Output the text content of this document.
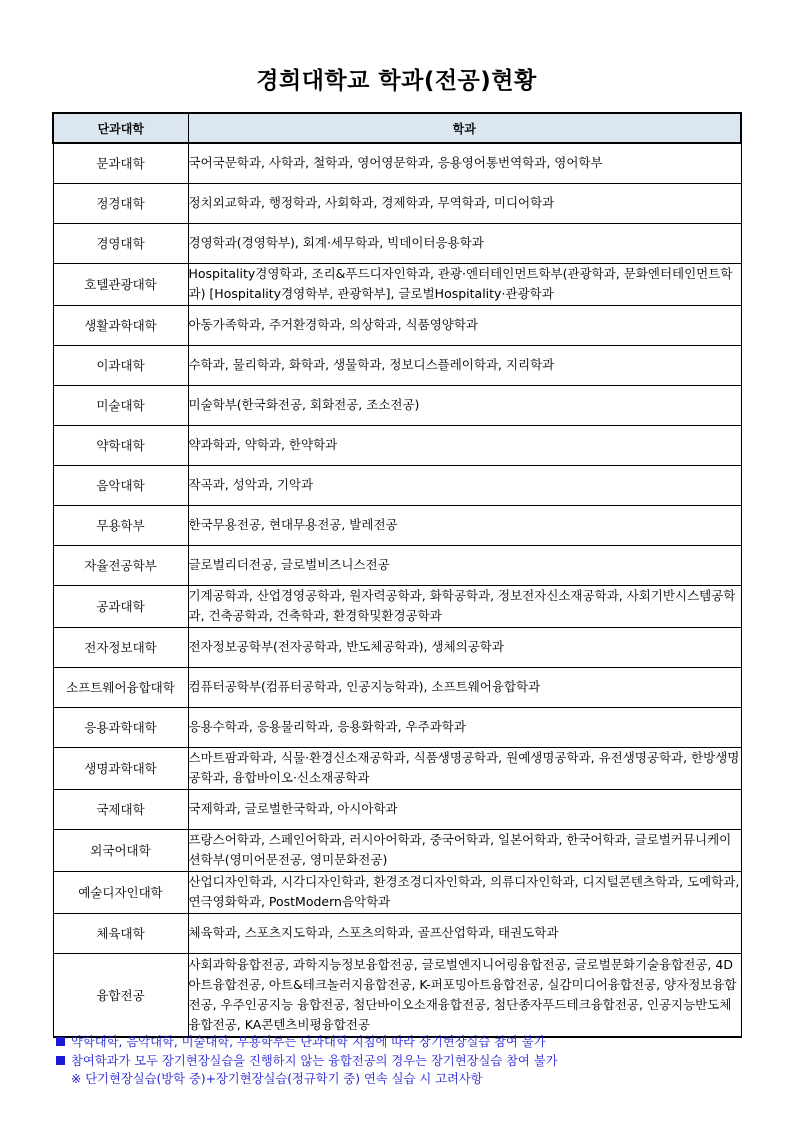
경희대학교 학과(전공)현황
단과대학	학과
문과대학	국어국문학과, 사학과, 철학과, 영어영문학과, 응용영어통번역학과, 영어학부
정경대학	정치외교학과, 행정학과, 사회학과, 경제학과, 무역학과, 미디어학과
경영대학	경영학과(경영학부), 회계·세무학과, 빅데이터응용학과
호텔관광대학	Hospitality경영학과, 조리&푸드디자인학과, 관광·엔터테인먼트학부(관광학과, 문화엔터테인먼트학과) [Hospitality경영학부, 관광학부], 글로벌Hospitality·관광학과
생활과학대학	아동가족학과, 주거환경학과, 의상학과, 식품영양학과
이과대학	수학과, 물리학과, 화학과, 생물학과, 정보디스플레이학과, 지리학과
미술대학	미술학부(한국화전공, 회화전공, 조소전공)
약학대학	약과학과, 약학과, 한약학과
음악대학	작곡과, 성악과, 기악과
무용학부	한국무용전공, 현대무용전공, 발레전공
자율전공학부	글로벌리더전공, 글로벌비즈니스전공
공과대학	기계공학과, 산업경영공학과, 원자력공학과, 화학공학과, 정보전자신소재공학과, 사회기반시스템공학과, 건축공학과, 건축학과, 환경학및환경공학과
전자정보대학	전자정보공학부(전자공학과, 반도체공학과), 생체의공학과
소프트웨어융합대학	컴퓨터공학부(컴퓨터공학과, 인공지능학과), 소프트웨어융합학과
응용과학대학	응용수학과, 응용물리학과, 응용화학과, 우주과학과
생명과학대학	스마트팜과학과, 식물·환경신소재공학과, 식품생명공학과, 원예생명공학과, 유전생명공학과, 한방생명공학과, 융합바이오·신소재공학과
국제대학	국제학과, 글로벌한국학과, 아시아학과
외국어대학	프랑스어학과, 스페인어학과, 러시아어학과, 중국어학과, 일본어학과, 한국어학과, 글로벌커뮤니케이션학부(영미어문전공, 영미문화전공)
예술디자인대학	산업디자인학과, 시각디자인학과, 환경조경디자인학과, 의류디자인학과, 디지털콘텐츠학과, 도예학과, 연극영화학과, PostModern음악학과
체육대학	체육학과, 스포츠지도학과, 스포츠의학과, 골프산업학과, 태권도학과
융합전공	사회과학융합전공, 과학지능정보융합전공, 글로벌엔지니어링융합전공, 글로벌문화기술융합전공, 4D아트융합전공, 아트&테크놀러지융합전공, K-퍼포밍아트융합전공, 실감미디어융합전공, 양자정보융합전공, 우주인공지능 융합전공, 첨단바이오소재융합전공, 첨단종자푸드테크융합전공, 인공지능반도체융합전공, KA콘텐츠비평융합전공
약학대학, 음악대학, 미술대학, 무용학부는 단과대학 지침에 따라 장기현장실습 참여 불가
참여학과가 모두 장기현장실습을 진행하지 않는 융합전공의 경우는 장기현장실습 참여 불가
※ 단기현장실습(방학 중)+장기현장실습(정규학기 중) 연속 실습 시 고려사항
